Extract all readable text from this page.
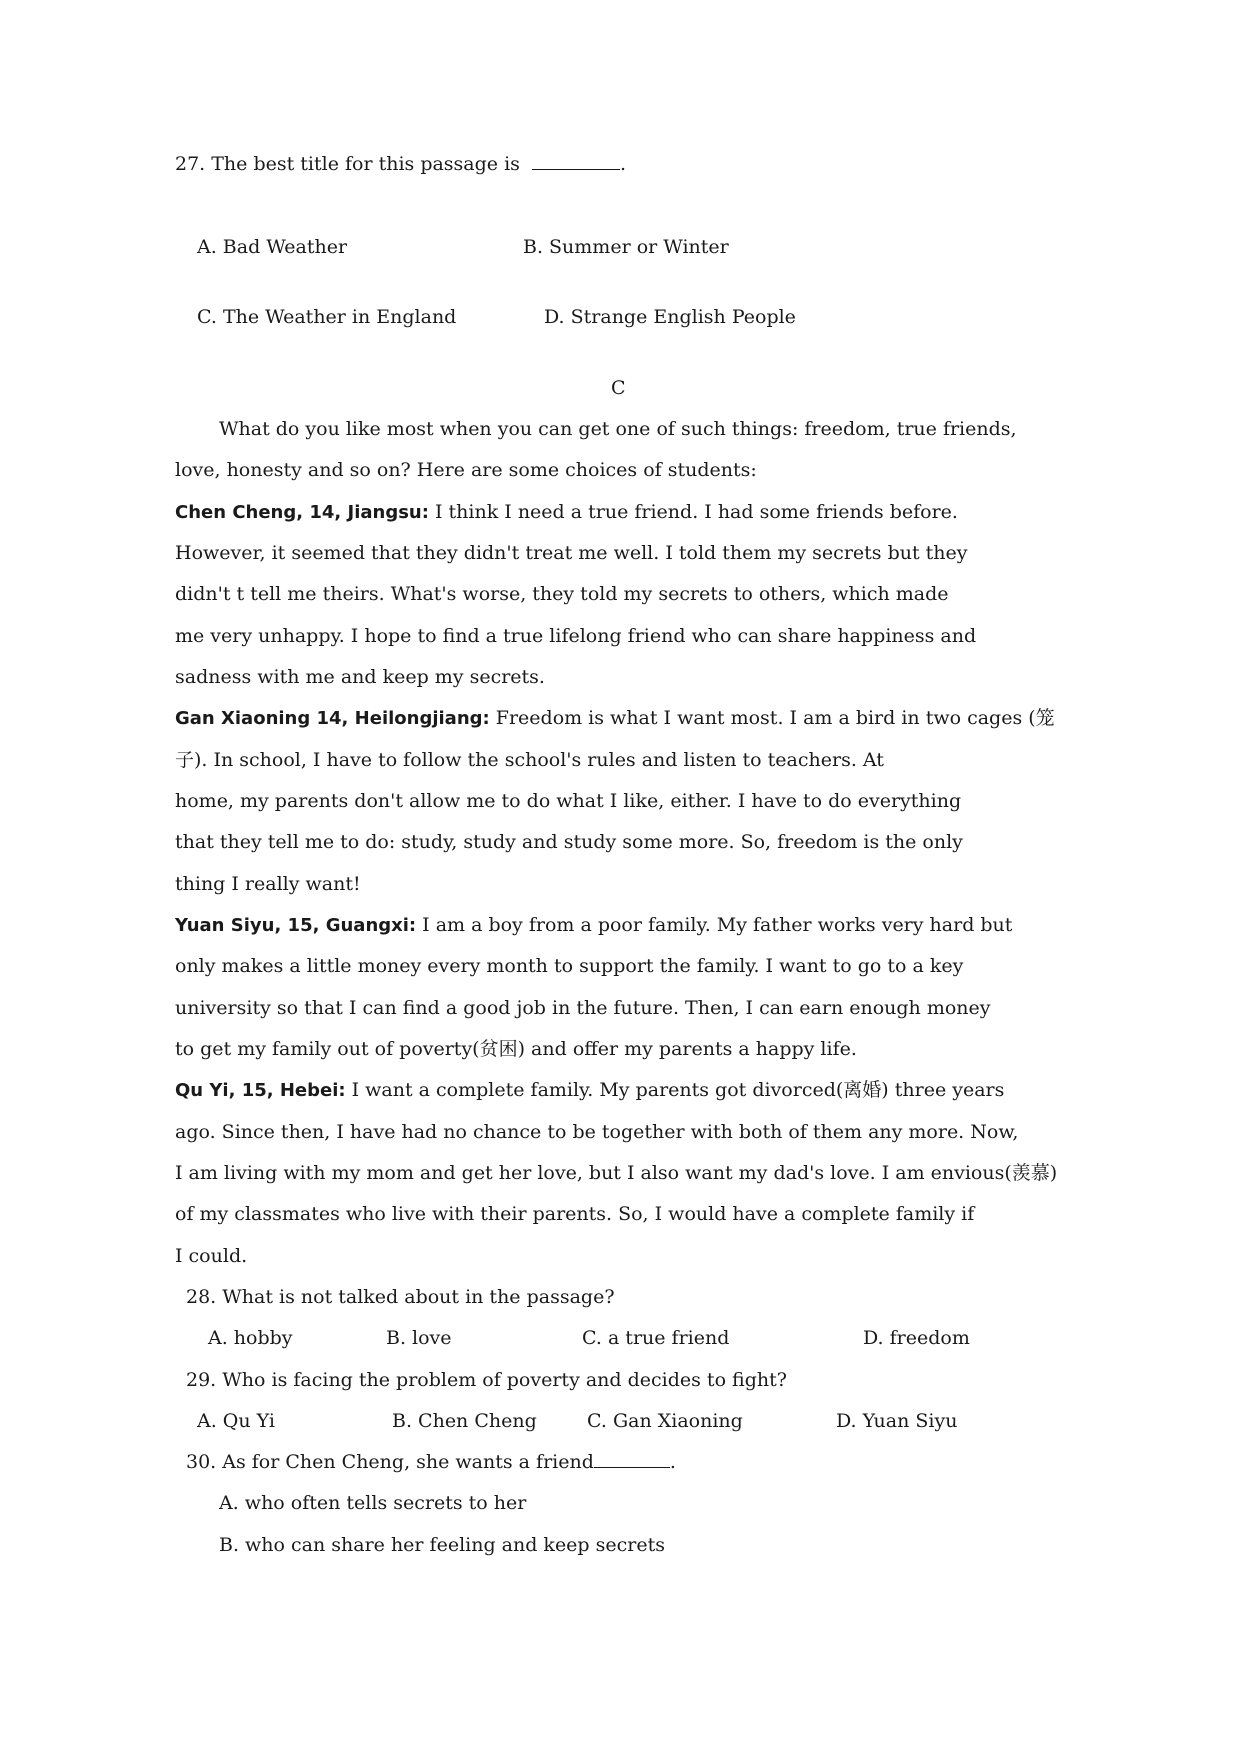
27. The best title for this passage is	.
A. Bad Weather	B. Summer or Winter
C. The Weather in England	D. Strange English People
C
What do you like most when you can get one of such things: freedom, true friends,
love, honesty and so on? Here are some choices of students:
Chen Cheng, 14, Jiangsu: I think I need a true friend. I had some friends before.
However, it seemed that they didn't treat me well. I told them my secrets but they
didn't t tell me theirs. What's worse, they told my secrets to others, which made
me very unhappy. I hope to find a true lifelong friend who can share happiness and
sadness with me and keep my secrets.
Gan Xiaoning 14, Heilongjiang: Freedom is what I want most. I am a bird in two cages (笼
子). In school, I have to follow the school's rules and listen to teachers. At
home, my parents don't allow me to do what I like, either. I have to do everything
that they tell me to do: study, study and study some more. So, freedom is the only
thing I really want!
Yuan Siyu, 15, Guangxi: I am a boy from a poor family. My father works very hard but
only makes a little money every month to support the family. I want to go to a key
university so that I can find a good job in the future. Then, I can earn enough money
to get my family out of poverty(贫困) and offer my parents a happy life.
Qu Yi, 15, Hebei: I want a complete family. My parents got divorced(离婚) three years
ago. Since then, I have had no chance to be together with both of them any more. Now,
I am living with my mom and get her love, but I also want my dad's love. I am envious(羡慕)
of my classmates who live with their parents. So, I would have a complete family if
I could.
28. What is not talked about in the passage?
A. hobby	B. love	C. a true friend	D. freedom
29. Who is facing the problem of poverty and decides to fight?
A. Qu Yi	B. Chen Cheng	C. Gan Xiaoning	D. Yuan Siyu
30. As for Chen Cheng, she wants a friend	.
A. who often tells secrets to her
B. who can share her feeling and keep secrets
